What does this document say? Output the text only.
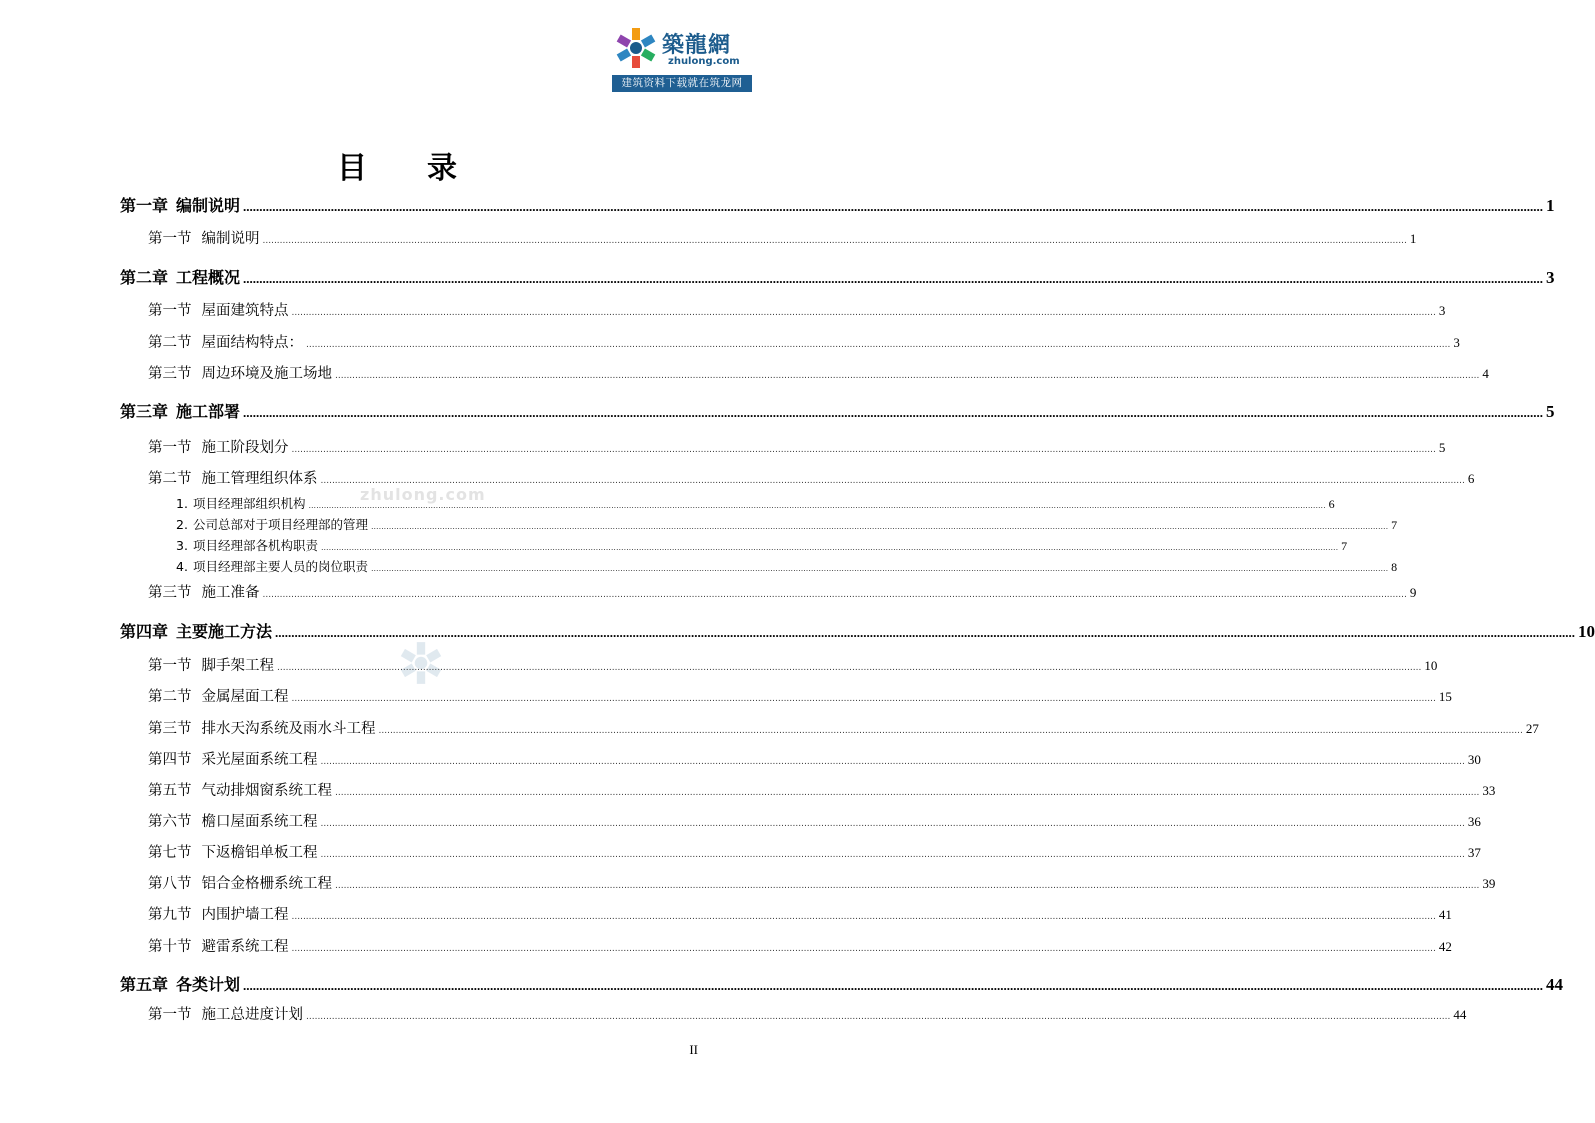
築龍網
zhulong.com
建筑资料下载就在筑龙网
zhulong.com
目 录
第一章 编制说明 ................................................................................................................................................................................................................................................................................................................................................................................................................ 1
第一节 编制说明 ................................................................................................................................................................................................................................................................................................................................................................................................................ 1
第二章 工程概况 ................................................................................................................................................................................................................................................................................................................................................................................................................ 3
第一节 屋面建筑特点 ................................................................................................................................................................................................................................................................................................................................................................................................................ 3
第二节 屋面结构特点： ................................................................................................................................................................................................................................................................................................................................................................................................................ 3
第三节 周边环境及施工场地 ................................................................................................................................................................................................................................................................................................................................................................................................................ 4
第三章 施工部署 ................................................................................................................................................................................................................................................................................................................................................................................................................ 5
第一节 施工阶段划分 ................................................................................................................................................................................................................................................................................................................................................................................................................ 5
第二节 施工管理组织体系 ................................................................................................................................................................................................................................................................................................................................................................................................................ 6
1. 项目经理部组织机构 ................................................................................................................................................................................................................................................................................................................................................................................................................ 6
2. 公司总部对于项目经理部的管理 ................................................................................................................................................................................................................................................................................................................................................................................................................ 7
3. 项目经理部各机构职责 ................................................................................................................................................................................................................................................................................................................................................................................................................ 7
4. 项目经理部主要人员的岗位职责 ................................................................................................................................................................................................................................................................................................................................................................................................................ 8
第三节 施工准备 ................................................................................................................................................................................................................................................................................................................................................................................................................ 9
第四章 主要施工方法 ................................................................................................................................................................................................................................................................................................................................................................................................................ 10
第一节 脚手架工程 ................................................................................................................................................................................................................................................................................................................................................................................................................ 10
第二节 金属屋面工程 ................................................................................................................................................................................................................................................................................................................................................................................................................ 15
第三节 排水天沟系统及雨水斗工程 ................................................................................................................................................................................................................................................................................................................................................................................................................ 27
第四节 采光屋面系统工程 ................................................................................................................................................................................................................................................................................................................................................................................................................ 30
第五节 气动排烟窗系统工程 ................................................................................................................................................................................................................................................................................................................................................................................................................ 33
第六节 檐口屋面系统工程 ................................................................................................................................................................................................................................................................................................................................................................................................................ 36
第七节 下返檐铝单板工程 ................................................................................................................................................................................................................................................................................................................................................................................................................ 37
第八节 铝合金格栅系统工程 ................................................................................................................................................................................................................................................................................................................................................................................................................ 39
第九节 内围护墙工程 ................................................................................................................................................................................................................................................................................................................................................................................................................ 41
第十节 避雷系统工程 ................................................................................................................................................................................................................................................................................................................................................................................................................ 42
第五章 各类计划 ................................................................................................................................................................................................................................................................................................................................................................................................................ 44
第一节 施工总进度计划 ................................................................................................................................................................................................................................................................................................................................................................................................................ 44
II
